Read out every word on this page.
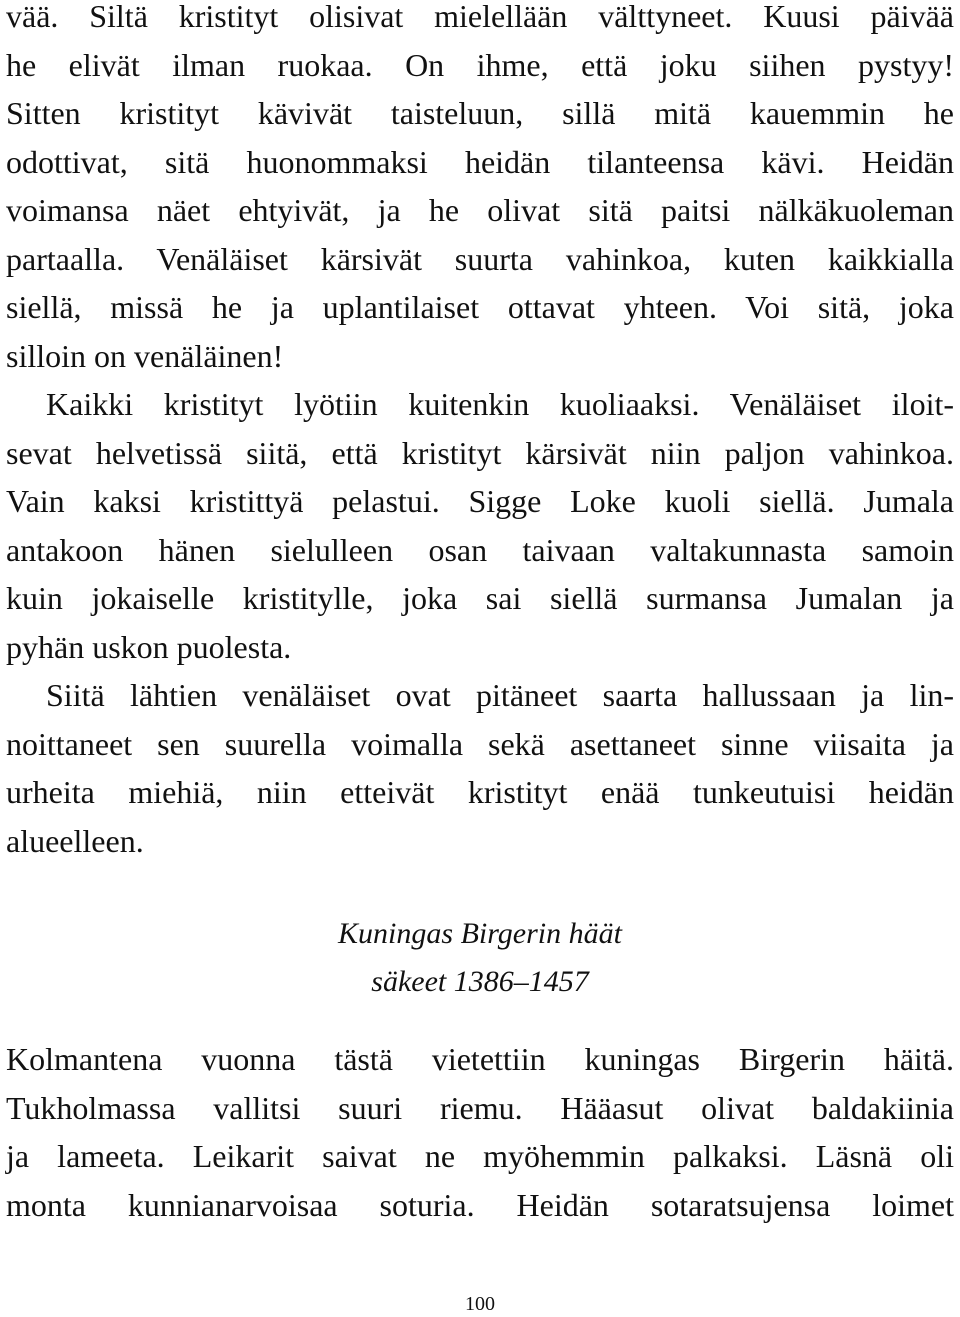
vää. Siltä kristityt olisivat mielellään välttyneet. Kuusi päivää
he elivät ilman ruokaa. On ihme, että joku siihen pystyy!
Sitten kristityt kävivät taisteluun, sillä mitä kauemmin he
odottivat, sitä huonommaksi heidän tilanteensa kävi. Heidän
voimansa näet ehtyivät, ja he olivat sitä paitsi nälkäkuoleman
partaalla. Venäläiset kärsivät suurta vahinkoa, kuten kaikkialla
siellä, missä he ja uplantilaiset ottavat yhteen. Voi sitä, joka
silloin on venäläinen!
Kaikki kristityt lyötiin kuitenkin kuoliaaksi. Venäläiset iloit-
sevat helvetissä siitä, että kristityt kärsivät niin paljon vahinkoa.
Vain kaksi kristittyä pelastui. Sigge Loke kuoli siellä. Jumala
antakoon hänen sielulleen osan taivaan valtakunnasta samoin
kuin jokaiselle kristitylle, joka sai siellä surmansa Jumalan ja
pyhän uskon puolesta.
Siitä lähtien venäläiset ovat pitäneet saarta hallussaan ja lin-
noittaneet sen suurella voimalla sekä asettaneet sinne viisaita ja
urheita miehiä, niin etteivät kristityt enää tunkeutuisi heidän
alueelleen.

Kuningas Birgerin häät

säkeet 1386–1457

Kolmantena vuonna tästä vietettiin kuningas Birgerin häitä.
Tukholmassa vallitsi suuri riemu. Hääasut olivat baldakiinia
ja lameeta. Leikarit saivat ne myöhemmin palkaksi. Läsnä oli
monta kunnianarvoisaa soturia. Heidän sotaratsujensa loimet
100
